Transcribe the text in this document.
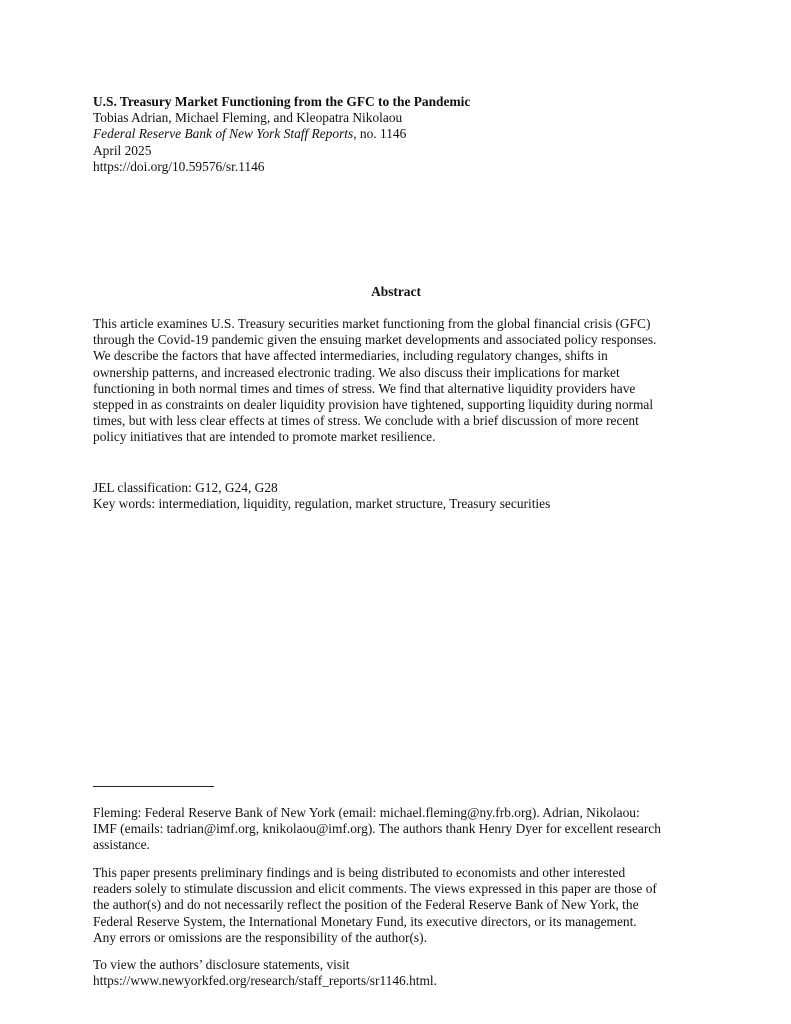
U.S. Treasury Market Functioning from the GFC to the Pandemic
Tobias Adrian, Michael Fleming, and Kleopatra Nikolaou
Federal Reserve Bank of New York Staff Reports, no. 1146
April 2025
https://doi.org/10.59576/sr.1146
Abstract
This article examines U.S. Treasury securities market functioning from the global financial crisis (GFC)
through the Covid-19 pandemic given the ensuing market developments and associated policy responses.
We describe the factors that have affected intermediaries, including regulatory changes, shifts in
ownership patterns, and increased electronic trading. We also discuss their implications for market
functioning in both normal times and times of stress. We find that alternative liquidity providers have
stepped in as constraints on dealer liquidity provision have tightened, supporting liquidity during normal
times, but with less clear effects at times of stress. We conclude with a brief discussion of more recent
policy initiatives that are intended to promote market resilience.
JEL classification: G12, G24, G28
Key words: intermediation, liquidity, regulation, market structure, Treasury securities
Fleming: Federal Reserve Bank of New York (email: michael.fleming@ny.frb.org). Adrian, Nikolaou:
IMF (emails: tadrian@imf.org, knikolaou@imf.org). The authors thank Henry Dyer for excellent research
assistance.
This paper presents preliminary findings and is being distributed to economists and other interested
readers solely to stimulate discussion and elicit comments. The views expressed in this paper are those of
the author(s) and do not necessarily reflect the position of the Federal Reserve Bank of New York, the
Federal Reserve System, the International Monetary Fund, its executive directors, or its management.
Any errors or omissions are the responsibility of the author(s).
To view the authors’ disclosure statements, visit
https://www.newyorkfed.org/research/staff_reports/sr1146.html.
